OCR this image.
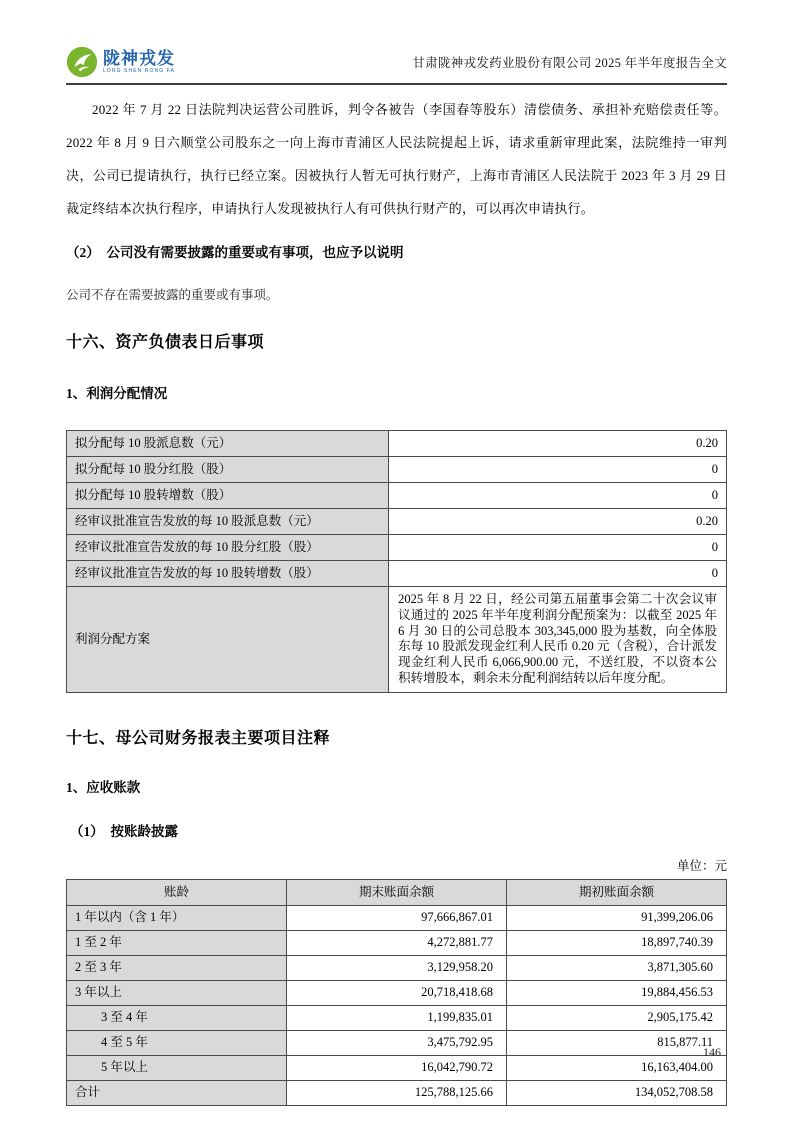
陇神戎发
LONG SHEN RONG FA
甘肃陇神戎发药业股份有限公司 2025 年半年度报告全文

2022 年 7 月 22 日法院判决运营公司胜诉，判令各被告（李国春等股东）清偿债务、承担补充赔偿责任等。2022 年 8 月 9 日六顺堂公司股东之一向上海市青浦区人民法院提起上诉，请求重新审理此案，法院维持一审判决，公司已提请执行，执行已经立案。因被执行人暂无可执行财产，上海市青浦区人民法院于 2023 年 3 月 29 日裁定终结本次执行程序，申请执行人发现被执行人有可供执行财产的，可以再次申请执行。

（2）　公司没有需要披露的重要或有事项，也应予以说明

公司不存在需要披露的重要或有事项。

十六、资产负债表日后事项
1、利润分配情况
拟分配每 10 股派息数（元）	0.20
拟分配每 10 股分红股（股）	0
拟分配每 10 股转增数（股）	0
经审议批准宣告发放的每 10 股派息数（元）	0.20
经审议批准宣告发放的每 10 股分红股（股）	0
经审议批准宣告发放的每 10 股转增数（股）	0
利润分配方案	2025 年 8 月 22 日，经公司第五届董事会第二十次会议审议通过的 2025 年半年度利润分配预案为：以截至 2025 年 6 月 30 日的公司总股本 303,345,000 股为基数，向全体股东每 10 股派发现金红利人民币 0.20 元（含税），合计派发现金红利人民币 6,066,900.00 元，不送红股，不以资本公积转增股本，剩余未分配利润结转以后年度分配。
十七、母公司财务报表主要项目注释
1、应收账款
（1）　按账龄披露
单位：元
账龄	期末账面余额	期初账面余额
1 年以内（含 1 年）	97,666,867.01	91,399,206.06
1 至 2 年	4,272,881.77	18,897,740.39
2 至 3 年	3,129,958.20	3,871,305.60
3 年以上	20,718,418.68	19,884,456.53
3 至 4 年	1,199,835.01	2,905,175.42
4 至 5 年	3,475,792.95	815,877.11
5 年以上	16,042,790.72	16,163,404.00
合计	125,788,125.66	134,052,708.58
146
